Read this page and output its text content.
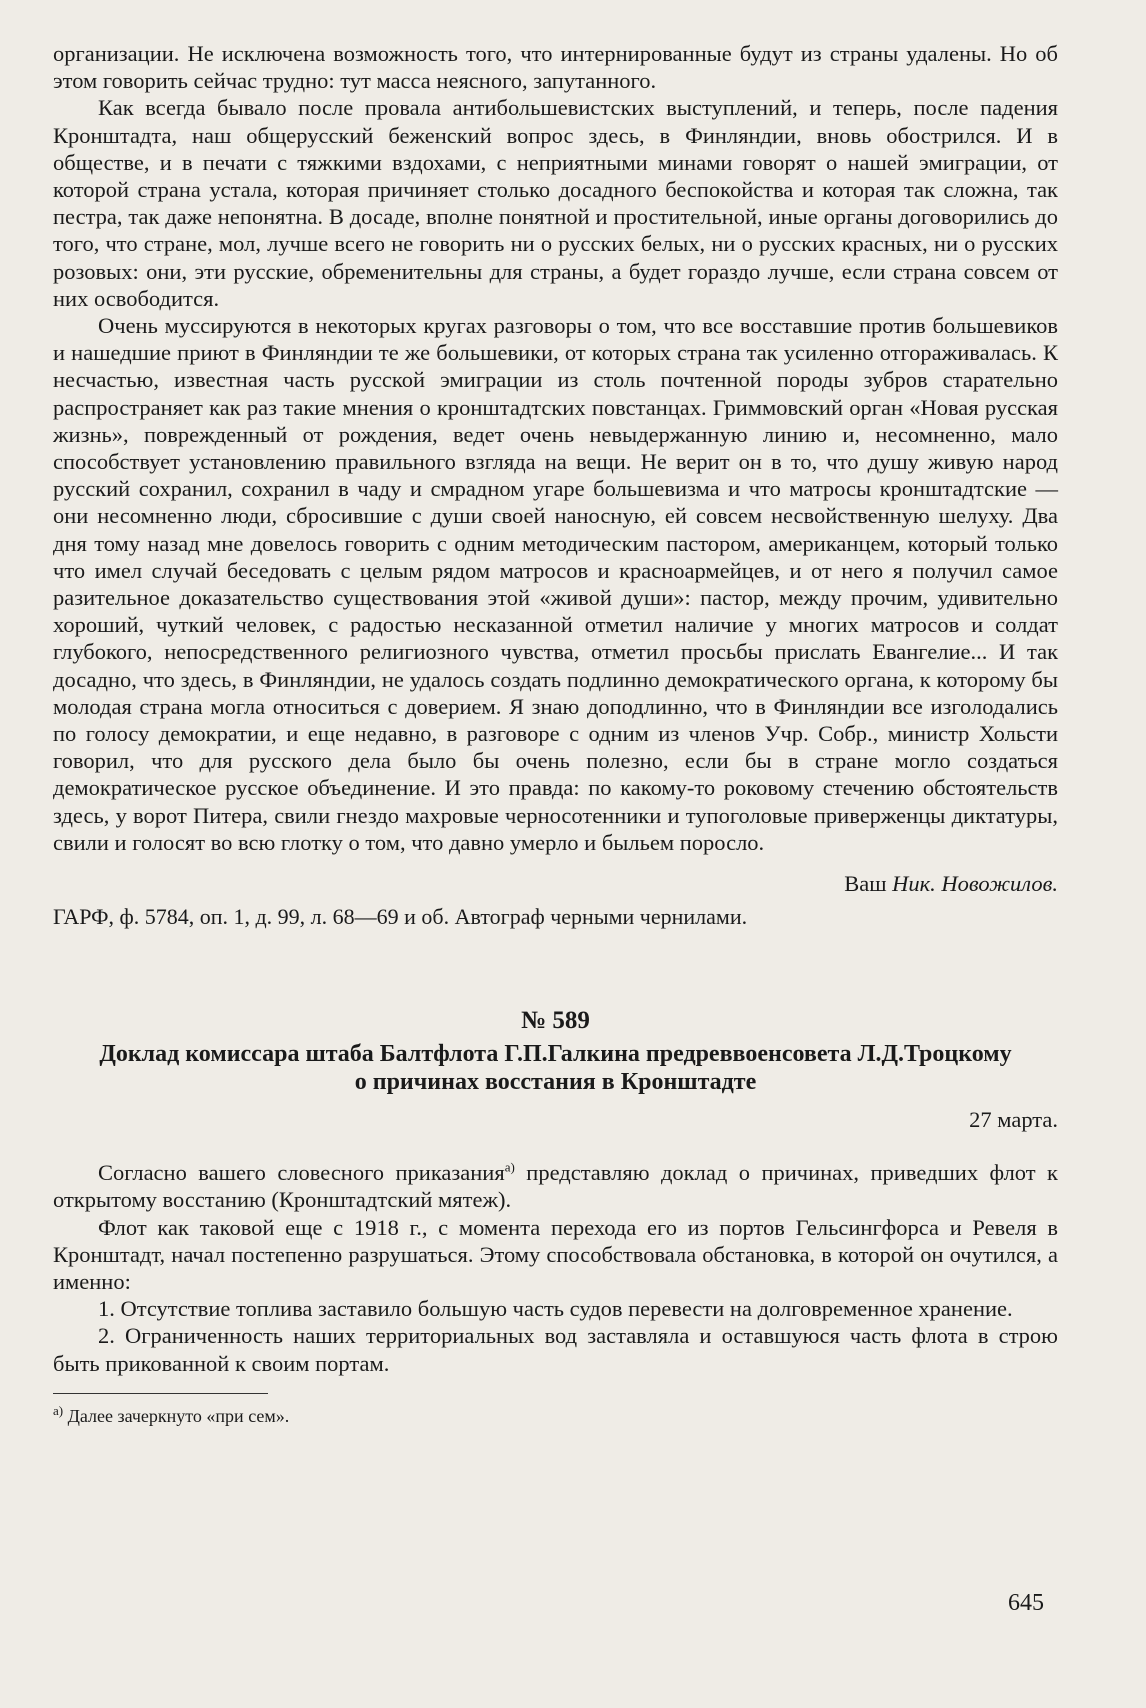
организации. Не исключена возможность того, что интернированные будут из страны удалены. Но об этом говорить сейчас трудно: тут масса неясного, запутанного.

Как всегда бывало после провала антибольшевистских выступлений, и теперь, после падения Кронштадта, наш общерусский беженский вопрос здесь, в Финляндии, вновь обострился. И в обществе, и в печати с тяжкими вздохами, с неприятными минами говорят о нашей эмиграции, от которой страна устала, которая причиняет столько досадного беспокойства и которая так сложна, так пестра, так даже непонятна. В досаде, вполне понятной и простительной, иные органы договорились до того, что стране, мол, лучше всего не говорить ни о русских белых, ни о русских красных, ни о русских розовых: они, эти русские, обременительны для страны, а будет гораздо лучше, если страна совсем от них освободится.

Очень муссируются в некоторых кругах разговоры о том, что все восставшие против большевиков и нашедшие приют в Финляндии те же большевики, от которых страна так усиленно отгораживалась. К несчастью, известная часть русской эмиграции из столь почтенной породы зубров старательно распространяет как раз такие мнения о кронштадтских повстанцах. Гриммовский орган «Новая русская жизнь», поврежденный от рождения, ведет очень невыдержанную линию и, несомненно, мало способствует установлению правильного взгляда на вещи. Не верит он в то, что душу живую народ русский сохранил, сохранил в чаду и смрадном угаре большевизма и что матросы кронштадтские — они несомненно люди, сбросившие с души своей наносную, ей совсем несвойственную шелуху. Два дня тому назад мне довелось говорить с одним методическим пастором, американцем, который только что имел случай беседовать с целым рядом матросов и красноармейцев, и от него я получил самое разительное доказательство существования этой «живой души»: пастор, между прочим, удивительно хороший, чуткий человек, с радостью несказанной отметил наличие у многих матросов и солдат глубокого, непосредственного религиозного чувства, отметил просьбы прислать Евангелие... И так досадно, что здесь, в Финляндии, не удалось создать подлинно демократического органа, к которому бы молодая страна могла относиться с доверием. Я знаю доподлинно, что в Финляндии все изголодались по голосу демократии, и еще недавно, в разговоре с одним из членов Учр. Собр., министр Хольсти говорил, что для русского дела было бы очень полезно, если бы в стране могло создаться демократическое русское объединение. И это правда: по какому-то роковому стечению обстоятельств здесь, у ворот Питера, свили гнездо махровые черносотенники и тупоголовые приверженцы диктатуры, свили и голосят во всю глотку о том, что давно умерло и быльем поросло.

Ваш Ник. Новожилов.

ГАРФ, ф. 5784, оп. 1, д. 99, л. 68—69 и об. Автограф черными чернилами.

№ 589
Доклад комиссара штаба Балтфлота Г.П.Галкина предреввоенсовета Л.Д.Троцкому о причинах восстания в Кронштадте
27 марта.

Согласно вашего словесного приказания$^{а)}$ представляю доклад о причинах, приведших флот к открытому восстанию (Кронштадтский мятеж).

Флот как таковой еще с 1918 г., с момента перехода его из портов Гельсингфорса и Ревеля в Кронштадт, начал постепенно разрушаться. Этому способствовала обстановка, в которой он очутился, а именно:

1. Отсутствие топлива заставило большую часть судов перевести на долговременное хранение.

2. Ограниченность наших территориальных вод заставляла и оставшуюся часть флота в строю быть прикованной к своим портам.

$^{а)}$ Далее зачеркнуто «при сем».

645
